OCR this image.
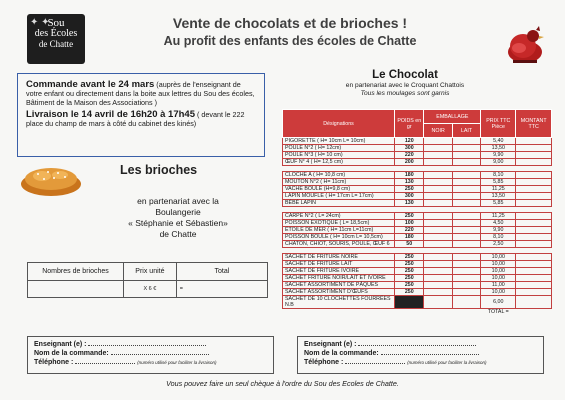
✦ ✦
Sou
des Écoles
de Chatte
Vente de chocolats et de brioches !
Au profit des enfants des écoles de Chatte
Commande avant le 24 mars (auprès de l'enseignant de votre enfant ou directement dans la boite aux lettres du Sou des écoles, Bâtiment de la Maison des Associations )
Livraison le 14 avril de 16h20 à 17h45 ( devant le 222 place du champ de mars à côté du cabinet des kinés)
Le Chocolat
en partenariat avec le Croquant Chattois
Tous les moulages sont garnis
Désignations	POIDS en gr	EMBALLAGE		PRIX TTC Pièce	MONTANT TTC
		NOIR	LAIT		
PIGORETTE ( H= 10cm L= 10cm)	120			5,40	
POULE N°2 ( H= 12cm)	300			13,50	
POULE N°3 ( H= 10 cm)	220			9,90	
ŒUF N° 4 ( H= 12,5 cm)	200			9,00	

CLOCHE A ( H= 10,8 cm)	180			8,10	
MOUTON N°2 ( H= 11cm)	130			5,85	
VACHE BOULE (H=9,8 cm)	250			11,25	
LAPIN MOUFLE ( H= 17cm L= 17cm)	300			13,50	
BÉBÉ LAPIN	130			5,85	

CARPE N°2 ( L= 24cm)	250			11,25	
POISSON EXOTIQUE ( L= 18,5cm)	100			4,50	
ÉTOILE DE MER ( H= 11cm L=11cm)	220			9,90	
POISSON BOULE ( H= 10cm L= 10,5cm)	180			8,10	
CHATON, CHIOT, SOURIS, POULE, ŒUF 6	50			2,50	

SACHET DE FRITURE NOIRE	250			10,00	
SACHET DE FRITURE LAIT	250			10,00	
SACHET DE FRITURE IVOIRE	250			10,00	
SACHET FRITURE NOIR/LAIT ET IVOIRE	250			10,00	
SACHET ASSORTIMENT DE PÂQUES	250			11,00	
SACHET ASSORTIMENT D'ŒUFS	250			10,00	
SACHET DE 10 CLOCHETTES FOURRÉES N.B				6,00	
				TOTAL =	
Les brioches
en partenariat avec la
Boulangerie
« Stéphanie et Sébastien»
de Chatte
Nombres de brioches	Prix unité	Total
	X 6 €	=
Enseignant (e) :
Nom de la commande:
Téléphone :	(numéro utilisé pour faciliter la livraison)
Enseignant (e) :
Nom de la commande:
Téléphone :	(numéro utilisé pour faciliter la livraison)
Vous pouvez faire un seul chèque à l'ordre du Sou des Ecoles de Chatte.
